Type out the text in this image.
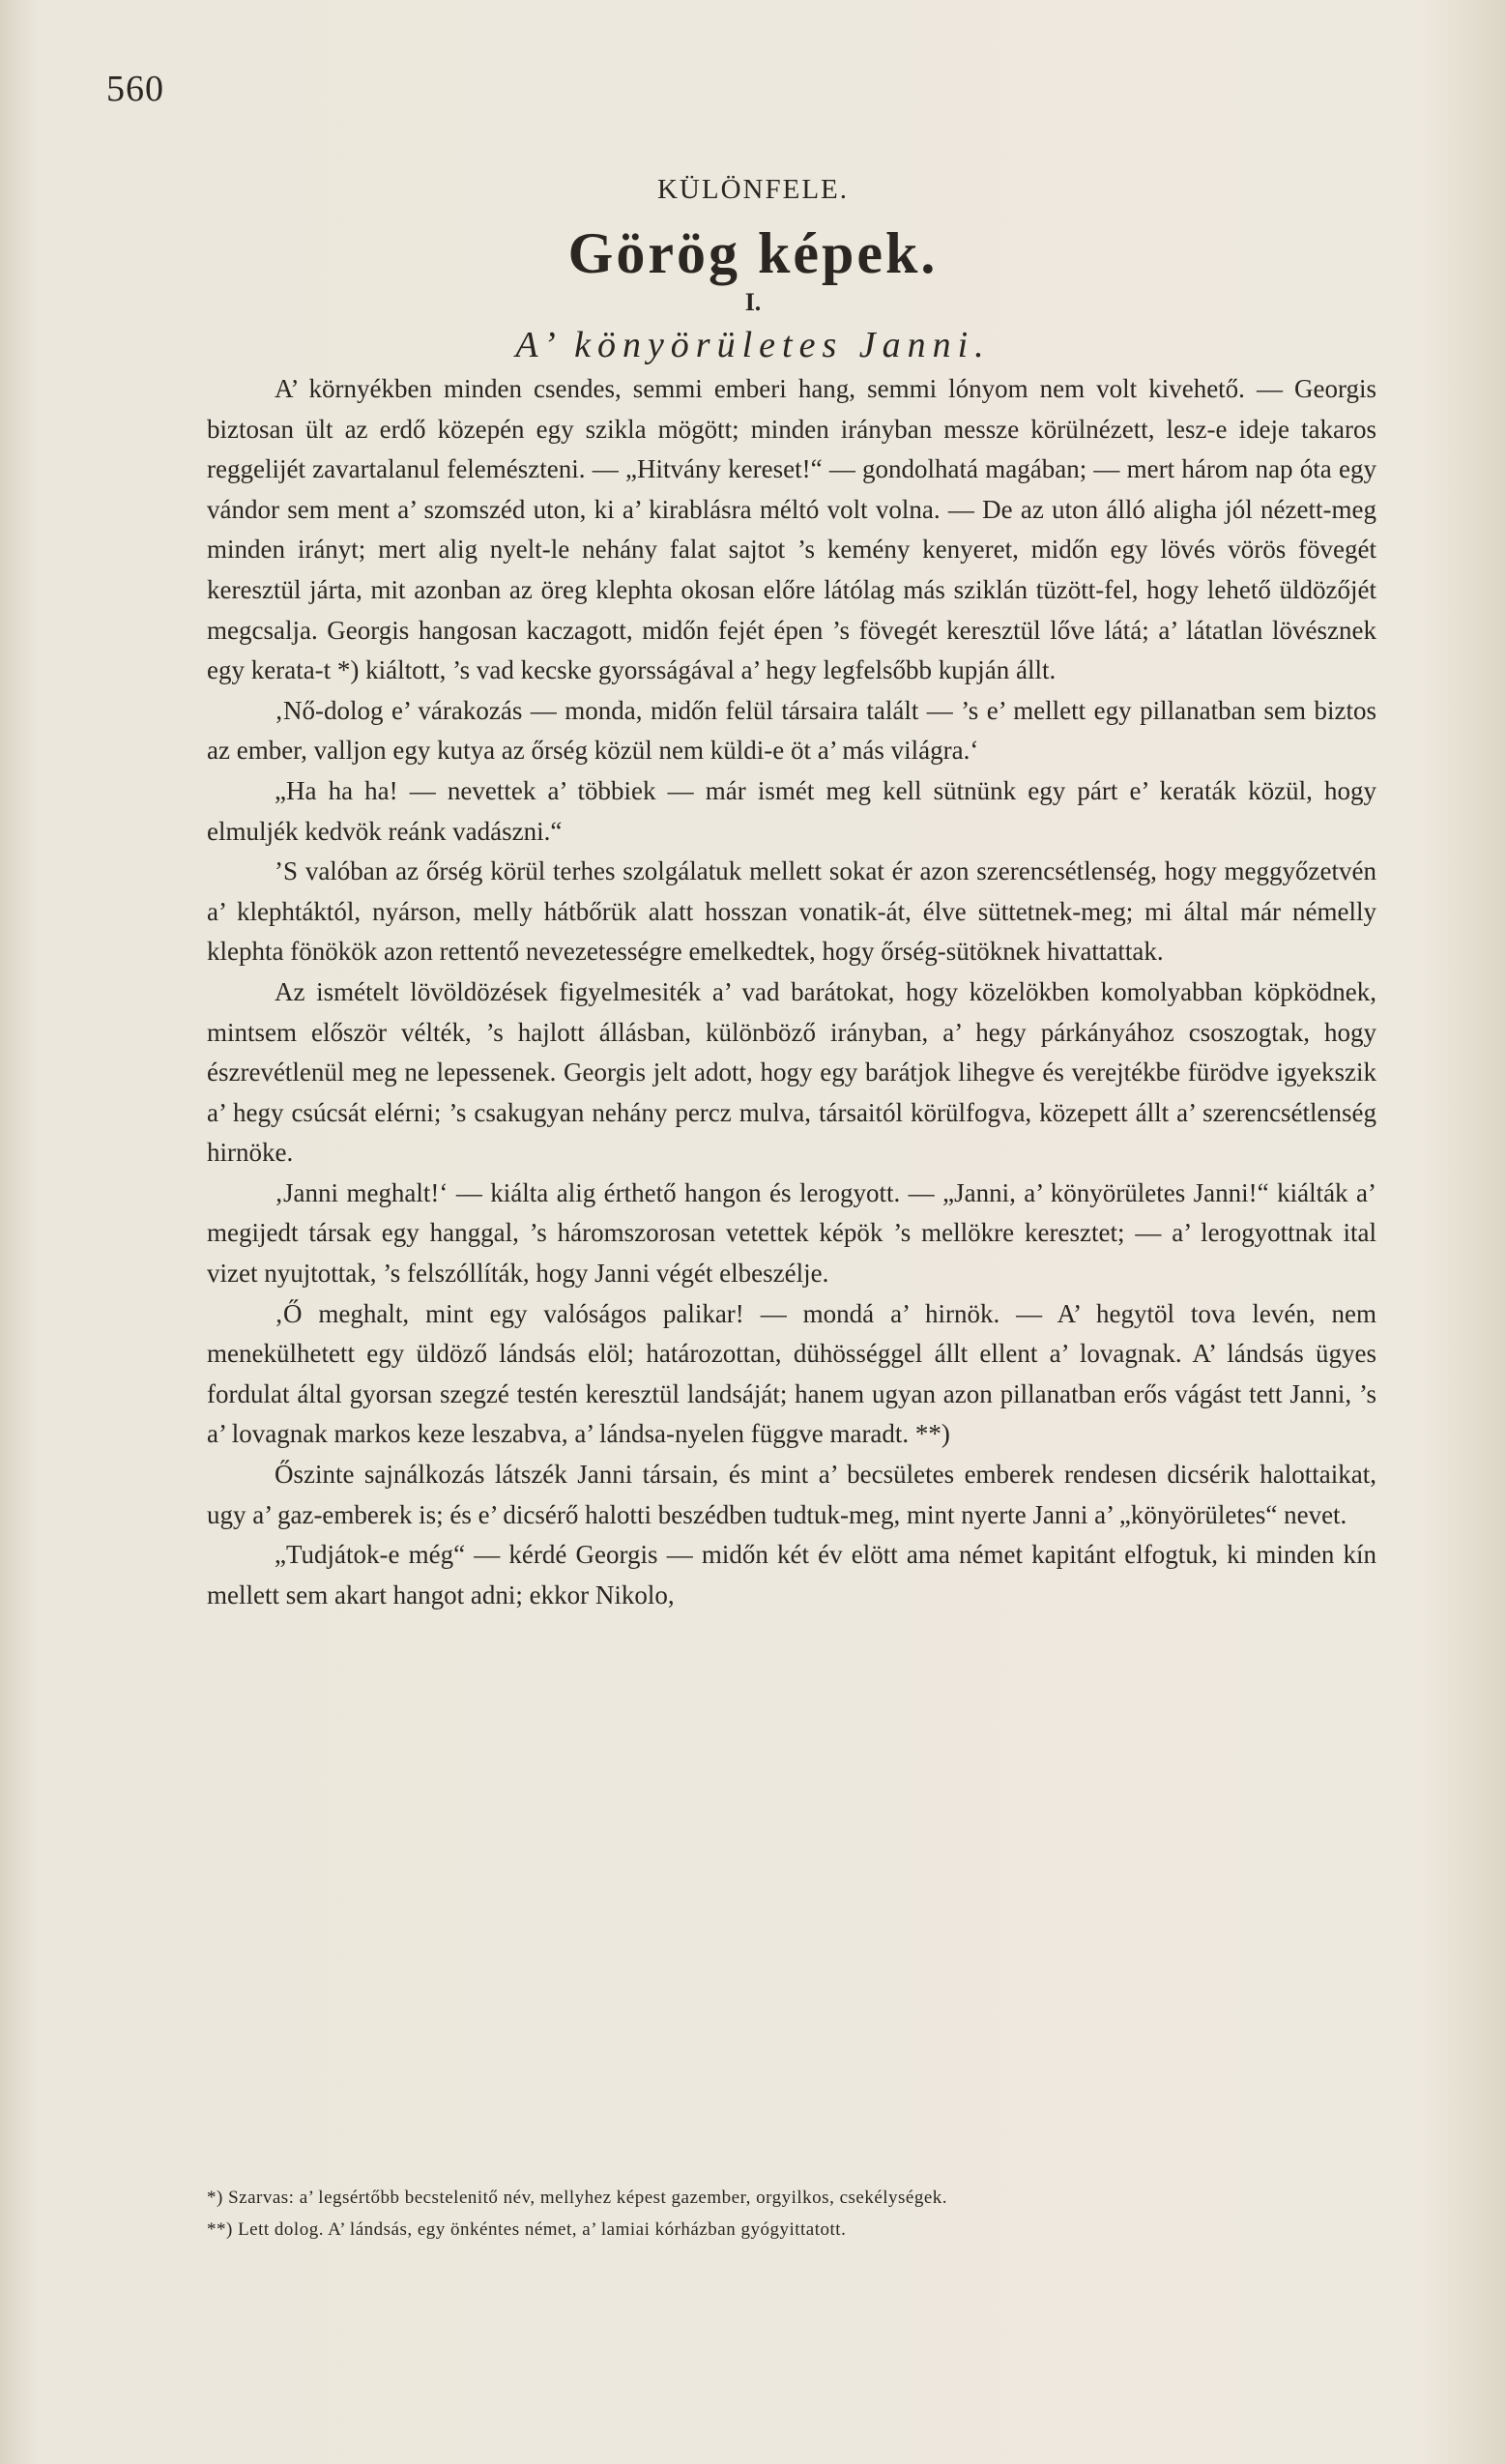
560
KÜLÖNFELE.
Görög képek.
I.
A’ könyörületes Janni.

A’ környékben minden csendes, semmi emberi hang, semmi lónyom nem volt kivehető. — Georgis biztosan ült az erdő közepén egy szikla mögött; minden irányban messze körülnézett, lesz-e ideje takaros reggelijét zavartalanul felemészteni. — „Hitvány kereset!“ — gondolhatá magában; — mert három nap óta egy vándor sem ment a’ szomszéd uton, ki a’ kirablásra méltó volt volna. — De az uton álló aligha jól nézett-meg minden irányt; mert alig nyelt-le nehány falat sajtot ’s kemény kenyeret, midőn egy lövés vörös fövegét keresztül járta, mit azonban az öreg klephta okosan előre látólag más sziklán tüzött-fel, hogy lehető üldözőjét megcsalja. Georgis hangosan kaczagott, midőn fejét épen ’s fövegét keresztül lőve látá; a’ látatlan lövésznek egy kerata-t *) kiáltott, ’s vad kecske gyorsságával a’ hegy legfelsőbb kupján állt.

‚Nő-dolog e’ várakozás — monda, midőn felül társaira talált — ’s e’ mellett egy pillanatban sem biztos az ember, valljon egy kutya az őrség közül nem küldi-e öt a’ más világra.‘

„Ha ha ha! — nevettek a’ többiek — már ismét meg kell sütnünk egy párt e’ keraták közül, hogy elmuljék kedvök reánk vadászni.“

’S valóban az őrség körül terhes szolgálatuk mellett sokat ér azon szerencsétlenség, hogy meggyőzetvén a’ klephtáktól, nyárson, melly hátbőrük alatt hosszan vonatik-át, élve süttetnek-meg; mi által már némelly klephta fönökök azon rettentő nevezetességre emelkedtek, hogy őrség-sütöknek hivattattak.

Az ismételt lövöldözések figyelmesiték a’ vad barátokat, hogy közelökben komolyabban köpködnek, mintsem először vélték, ’s hajlott állásban, különböző irányban, a’ hegy párkányához csoszogtak, hogy észrevétlenül meg ne lepessenek. Georgis jelt adott, hogy egy barátjok lihegve és verejtékbe fürödve igyekszik a’ hegy csúcsát elérni; ’s csakugyan nehány percz mulva, társaitól körülfogva, közepett állt a’ szerencsétlenség hirnöke.

‚Janni meghalt!‘ — kiálta alig érthető hangon és lerogyott. — „Janni, a’ könyörületes Janni!“ kiálták a’ megijedt társak egy hanggal, ’s háromszorosan vetettek képök ’s mellökre keresztet; — a’ lerogyottnak ital vizet nyujtottak, ’s felszóllíták, hogy Janni végét elbeszélje.

‚Ő meghalt, mint egy valóságos palikar! — mondá a’ hirnök. — A’ hegytöl tova levén, nem menekülhetett egy üldöző lándsás elöl; határozottan, dühösséggel állt ellent a’ lovagnak. A’ lándsás ügyes fordulat által gyorsan szegzé testén keresztül landsáját; hanem ugyan azon pillanatban erős vágást tett Janni, ’s a’ lovagnak markos keze leszabva, a’ lándsa-nyelen függve maradt. **)

Őszinte sajnálkozás látszék Janni társain, és mint a’ becsületes emberek rendesen dicsérik halottaikat, ugy a’ gaz-emberek is; és e’ dicsérő halotti beszédben tudtuk-meg, mint nyerte Janni a’ „könyörületes“ nevet.

„Tudjátok-e még“ — kérdé Georgis — midőn két év elött ama német kapitánt elfogtuk, ki minden kín mellett sem akart hangot adni; ekkor Nikolo,

*) Szarvas: a’ legsértőbb becstelenitő név, mellyhez képest gazember, orgyilkos, csekélységek.

**) Lett dolog. A’ lándsás, egy önkéntes német, a’ lamiai kórházban gyógyittatott.
